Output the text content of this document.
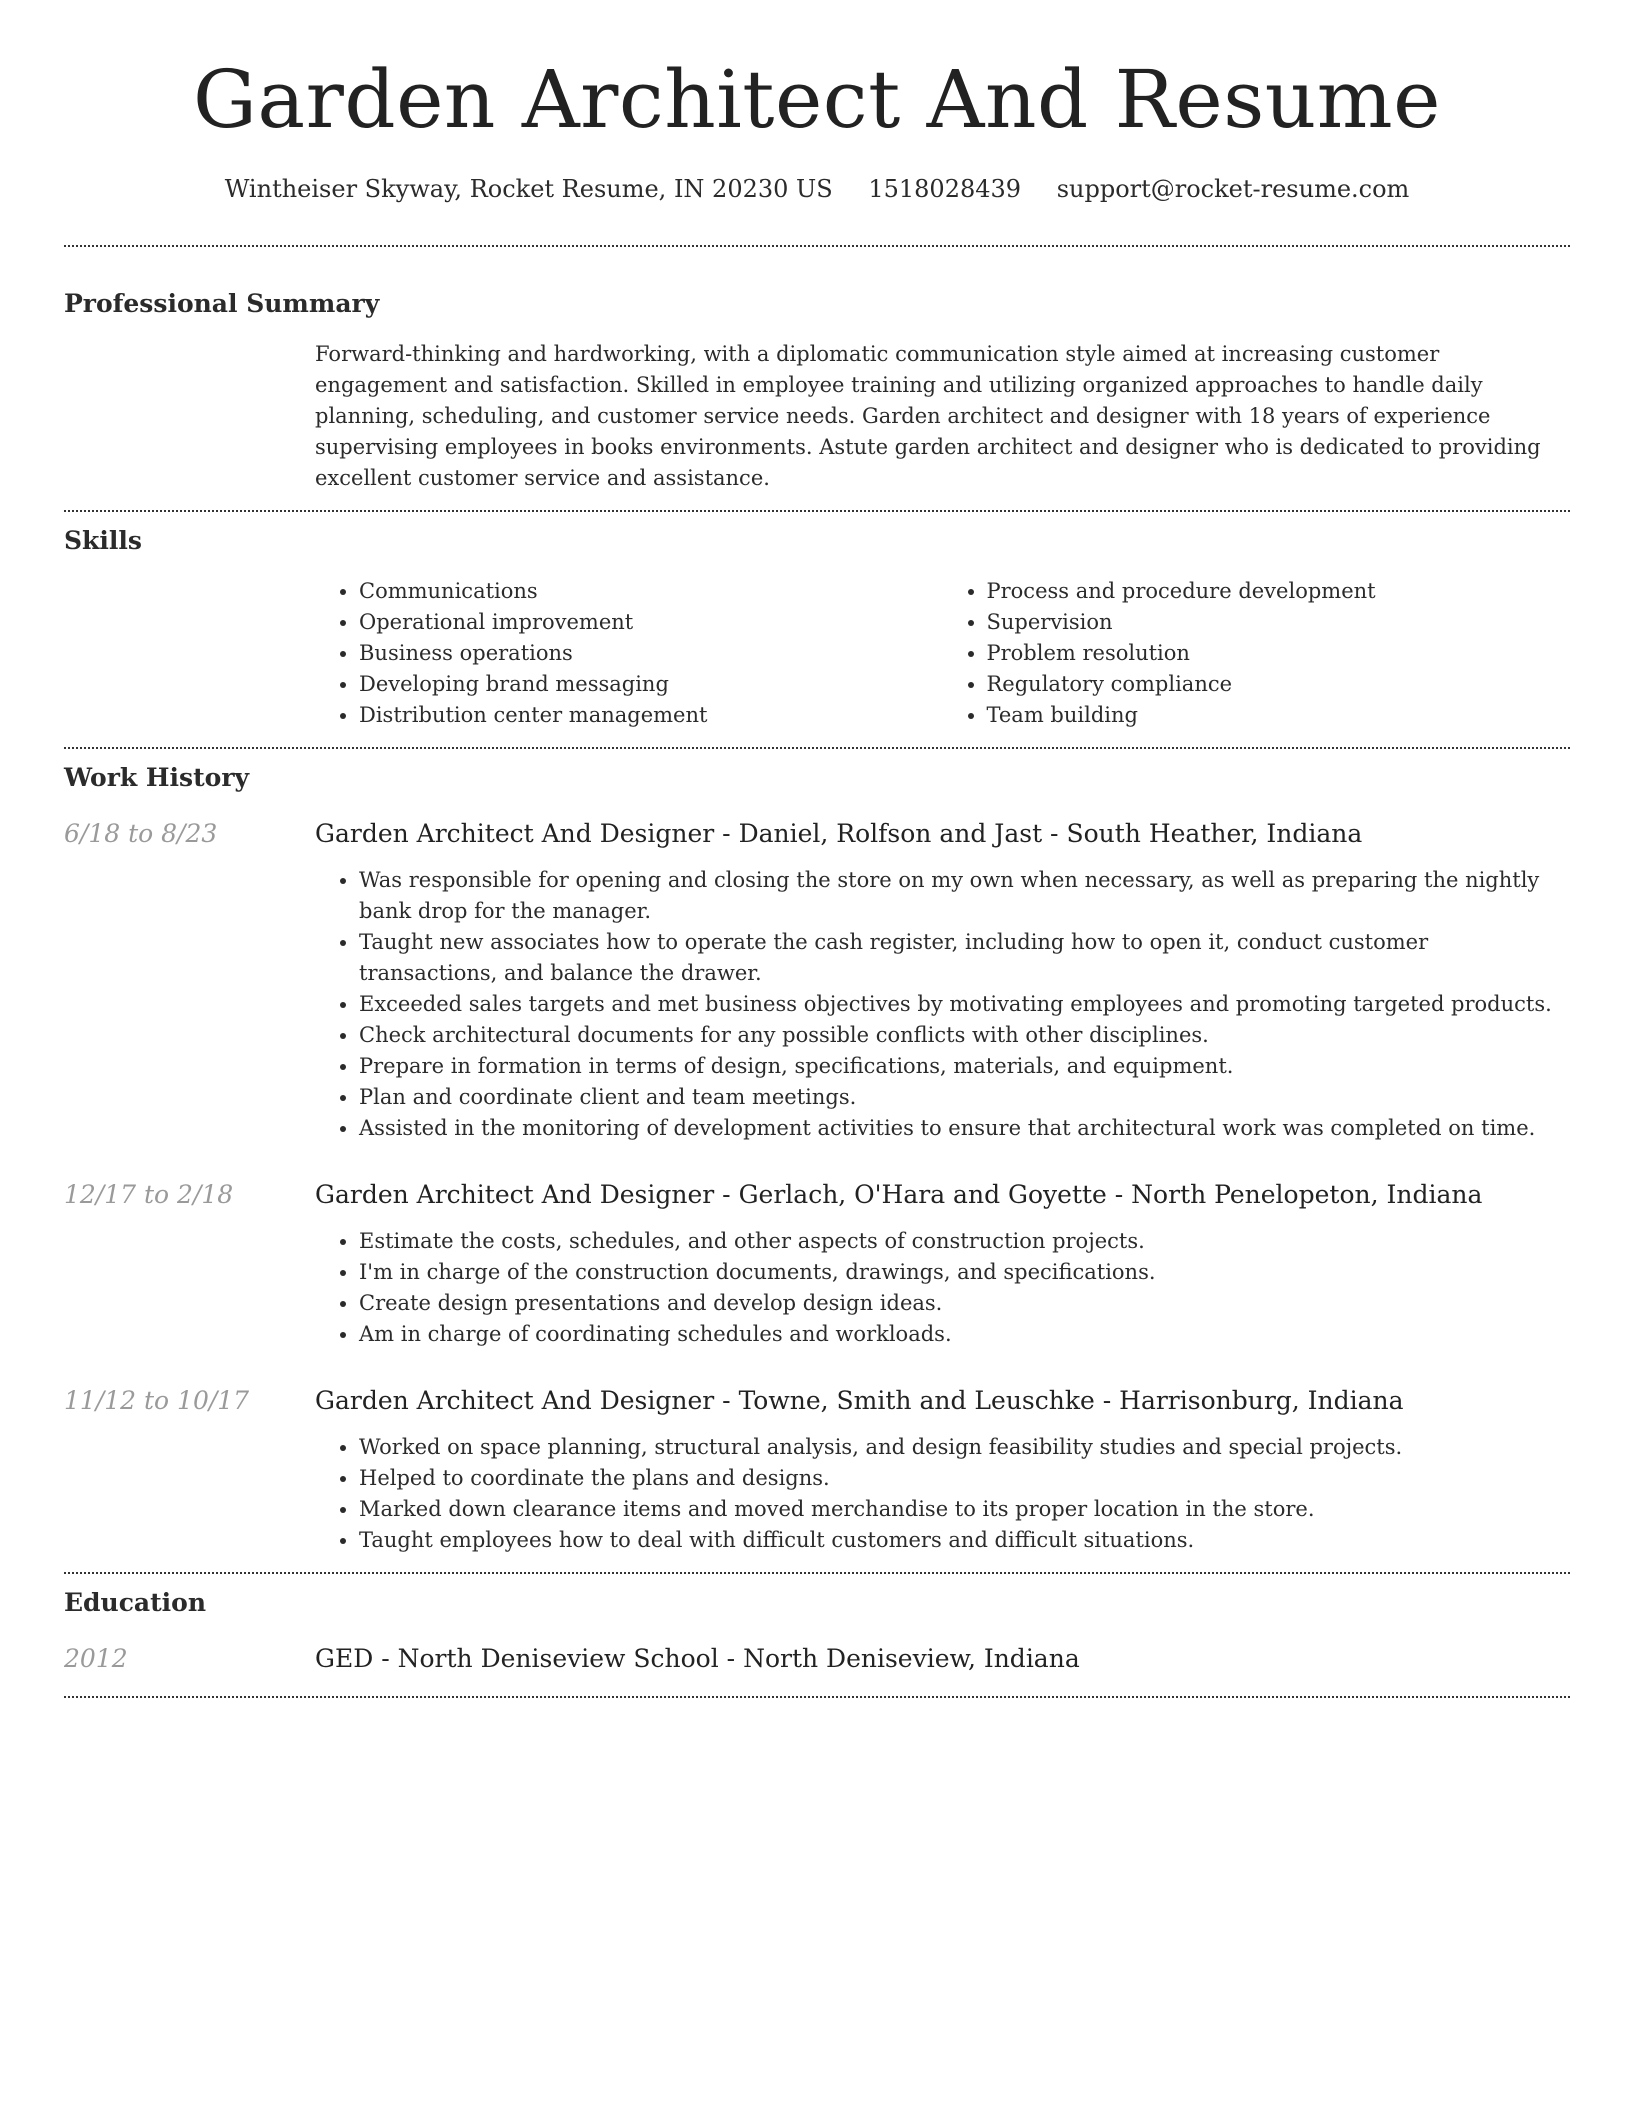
Garden Architect And Resume
Wintheiser Skyway, Rocket Resume, IN 20230 US 1518028439 support@rocket-resume.com
Professional Summary
Forward-thinking and hardworking, with a diplomatic communication style aimed at increasing customer engagement and satisfaction. Skilled in employee training and utilizing organized approaches to handle daily planning, scheduling, and customer service needs. Garden architect and designer with 18 years of experience supervising employees in books environments. Astute garden architect and designer who is dedicated to providing excellent customer service and assistance.
Skills
• Communications
• Operational improvement
• Business operations
• Developing brand messaging
• Distribution center management
• Process and procedure development
• Supervision
• Problem resolution
• Regulatory compliance
• Team building
Work History
6/18 to 8/23	Garden Architect And Designer - Daniel, Rolfson and Jast - South Heather, Indiana
• Was responsible for opening and closing the store on my own when necessary, as well as preparing the nightly bank drop for the manager.
• Taught new associates how to operate the cash register, including how to open it, conduct customer transactions, and balance the drawer.
• Exceeded sales targets and met business objectives by motivating employees and promoting targeted products.
• Check architectural documents for any possible conflicts with other disciplines.
• Prepare in formation in terms of design, specifications, materials, and equipment.
• Plan and coordinate client and team meetings.
• Assisted in the monitoring of development activities to ensure that architectural work was completed on time.
12/17 to 2/18	Garden Architect And Designer - Gerlach, O'Hara and Goyette - North Penelopeton, Indiana
• Estimate the costs, schedules, and other aspects of construction projects.
• I'm in charge of the construction documents, drawings, and specifications.
• Create design presentations and develop design ideas.
• Am in charge of coordinating schedules and workloads.
11/12 to 10/17	Garden Architect And Designer - Towne, Smith and Leuschke - Harrisonburg, Indiana
• Worked on space planning, structural analysis, and design feasibility studies and special projects.
• Helped to coordinate the plans and designs.
• Marked down clearance items and moved merchandise to its proper location in the store.
• Taught employees how to deal with difficult customers and difficult situations.
Education
2012	GED - North Deniseview School - North Deniseview, Indiana
